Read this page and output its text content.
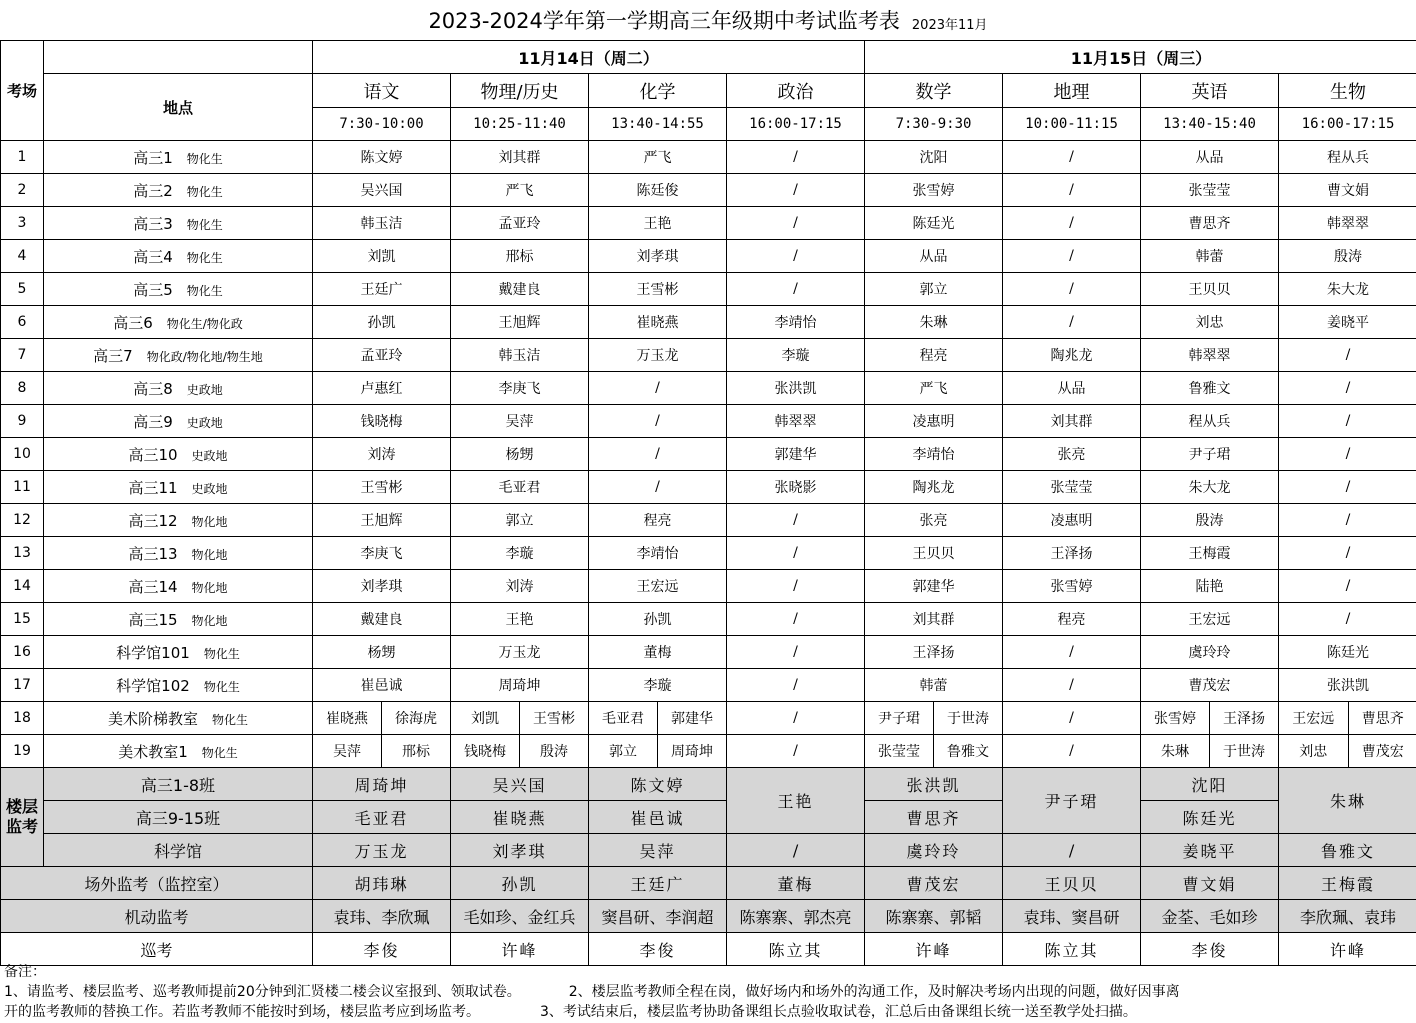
2023-2024学年第一学期高三年级期中考试监考表 2023年11月
考场		11月14日（周二）				11月15日（周三）			
	地点	语文	物理/历史	化学	政治	数学	地理	英语	生物
		7:30-10:00	10:25-11:40	13:40-14:55	16:00-17:15	7:30-9:30	10:00-11:15	13:40-15:40	16:00-17:15
1	高三1 物化生	陈文婷	刘其群	严飞	/	沈阳	/	从品	程从兵
2	高三2 物化生	吴兴国	严飞	陈廷俊	/	张雪婷	/	张莹莹	曹文娟
3	高三3 物化生	韩玉洁	孟亚玲	王艳	/	陈廷光	/	曹思齐	韩翠翠
4	高三4 物化生	刘凯	邢标	刘孝琪	/	从品	/	韩蕾	殷涛
5	高三5 物化生	王廷广	戴建良	王雪彬	/	郭立	/	王贝贝	朱大龙
6	高三6 物化生/物化政	孙凯	王旭辉	崔晓燕	李靖怡	朱琳	/	刘忠	姜晓平
7	高三7 物化政/物化地/物生地	孟亚玲	韩玉洁	万玉龙	李璇	程亮	陶兆龙	韩翠翠	/
8	高三8 史政地	卢惠红	李庚飞	/	张洪凯	严飞	从品	鲁雅文	/
9	高三9 史政地	钱晓梅	吴萍	/	韩翠翠	凌惠明	刘其群	程从兵	/
10	高三10 史政地	刘涛	杨甥	/	郭建华	李靖怡	张亮	尹子珺	/
11	高三11 史政地	王雪彬	毛亚君	/	张晓影	陶兆龙	张莹莹	朱大龙	/
12	高三12 物化地	王旭辉	郭立	程亮	/	张亮	凌惠明	殷涛	/
13	高三13 物化地	李庚飞	李璇	李靖怡	/	王贝贝	王泽扬	王梅霞	/
14	高三14 物化地	刘孝琪	刘涛	王宏远	/	郭建华	张雪婷	陆艳	/
15	高三15 物化地	戴建良	王艳	孙凯	/	刘其群	程亮	王宏远	/
16	科学馆101 物化生	杨甥	万玉龙	董梅	/	王泽扬	/	虞玲玲	陈廷光
17	科学馆102 物化生	崔邑诚	周琦坤	李璇	/	韩蕾	/	曹茂宏	张洪凯
18	美术阶梯教室 物化生	崔晓燕 徐海虎	刘凯 王雪彬	毛亚君 郭建华	/	尹子珺 于世涛	/	张雪婷 王泽扬	王宏远 曹思齐

19	美术教室1 物化生	吴萍 邢标	钱晓梅 殷涛	郭立 周琦坤	/	张莹莹 鲁雅文	/	朱琳 于世涛	刘忠 曹茂宏

楼层
监考	高三1-8班	周琦坤	吴兴国	陈文婷	王艳	张洪凯	尹子珺	沈阳	朱琳
	高三9-15班	毛亚君	崔晓燕	崔邑诚		曹思齐		陈廷光	
	科学馆	万玉龙	刘孝琪	吴萍	/	虞玲玲	/	姜晓平	鲁雅文
场外监考（监控室）		胡玮琳	孙凯	王廷广	董梅	曹茂宏	王贝贝	曹文娟	王梅霞
机动监考		袁玮、李欣珮	毛如珍、金红兵	窦昌研、李润超	陈寨寨、郭杰亮	陈寨寨、郭韬	袁玮、窦昌研	金荃、毛如珍	李欣珮、袁玮
巡考		李俊	许峰	李俊	陈立其	许峰	陈立其	李俊	许峰
备注：
1、请监考、楼层监考、巡考教师提前20分钟到汇贤楼二楼会议室报到、领取试卷。	2、楼层监考教师全程在岗，做好场内和场外的沟通工作，及时解决考场内出现的问题，做好因事离
开的监考教师的替换工作。若监考教师不能按时到场，楼层监考应到场监考。	3、考试结束后，楼层监考协助备课组长点验收取试卷，汇总后由备课组长统一送至教学处扫描。
